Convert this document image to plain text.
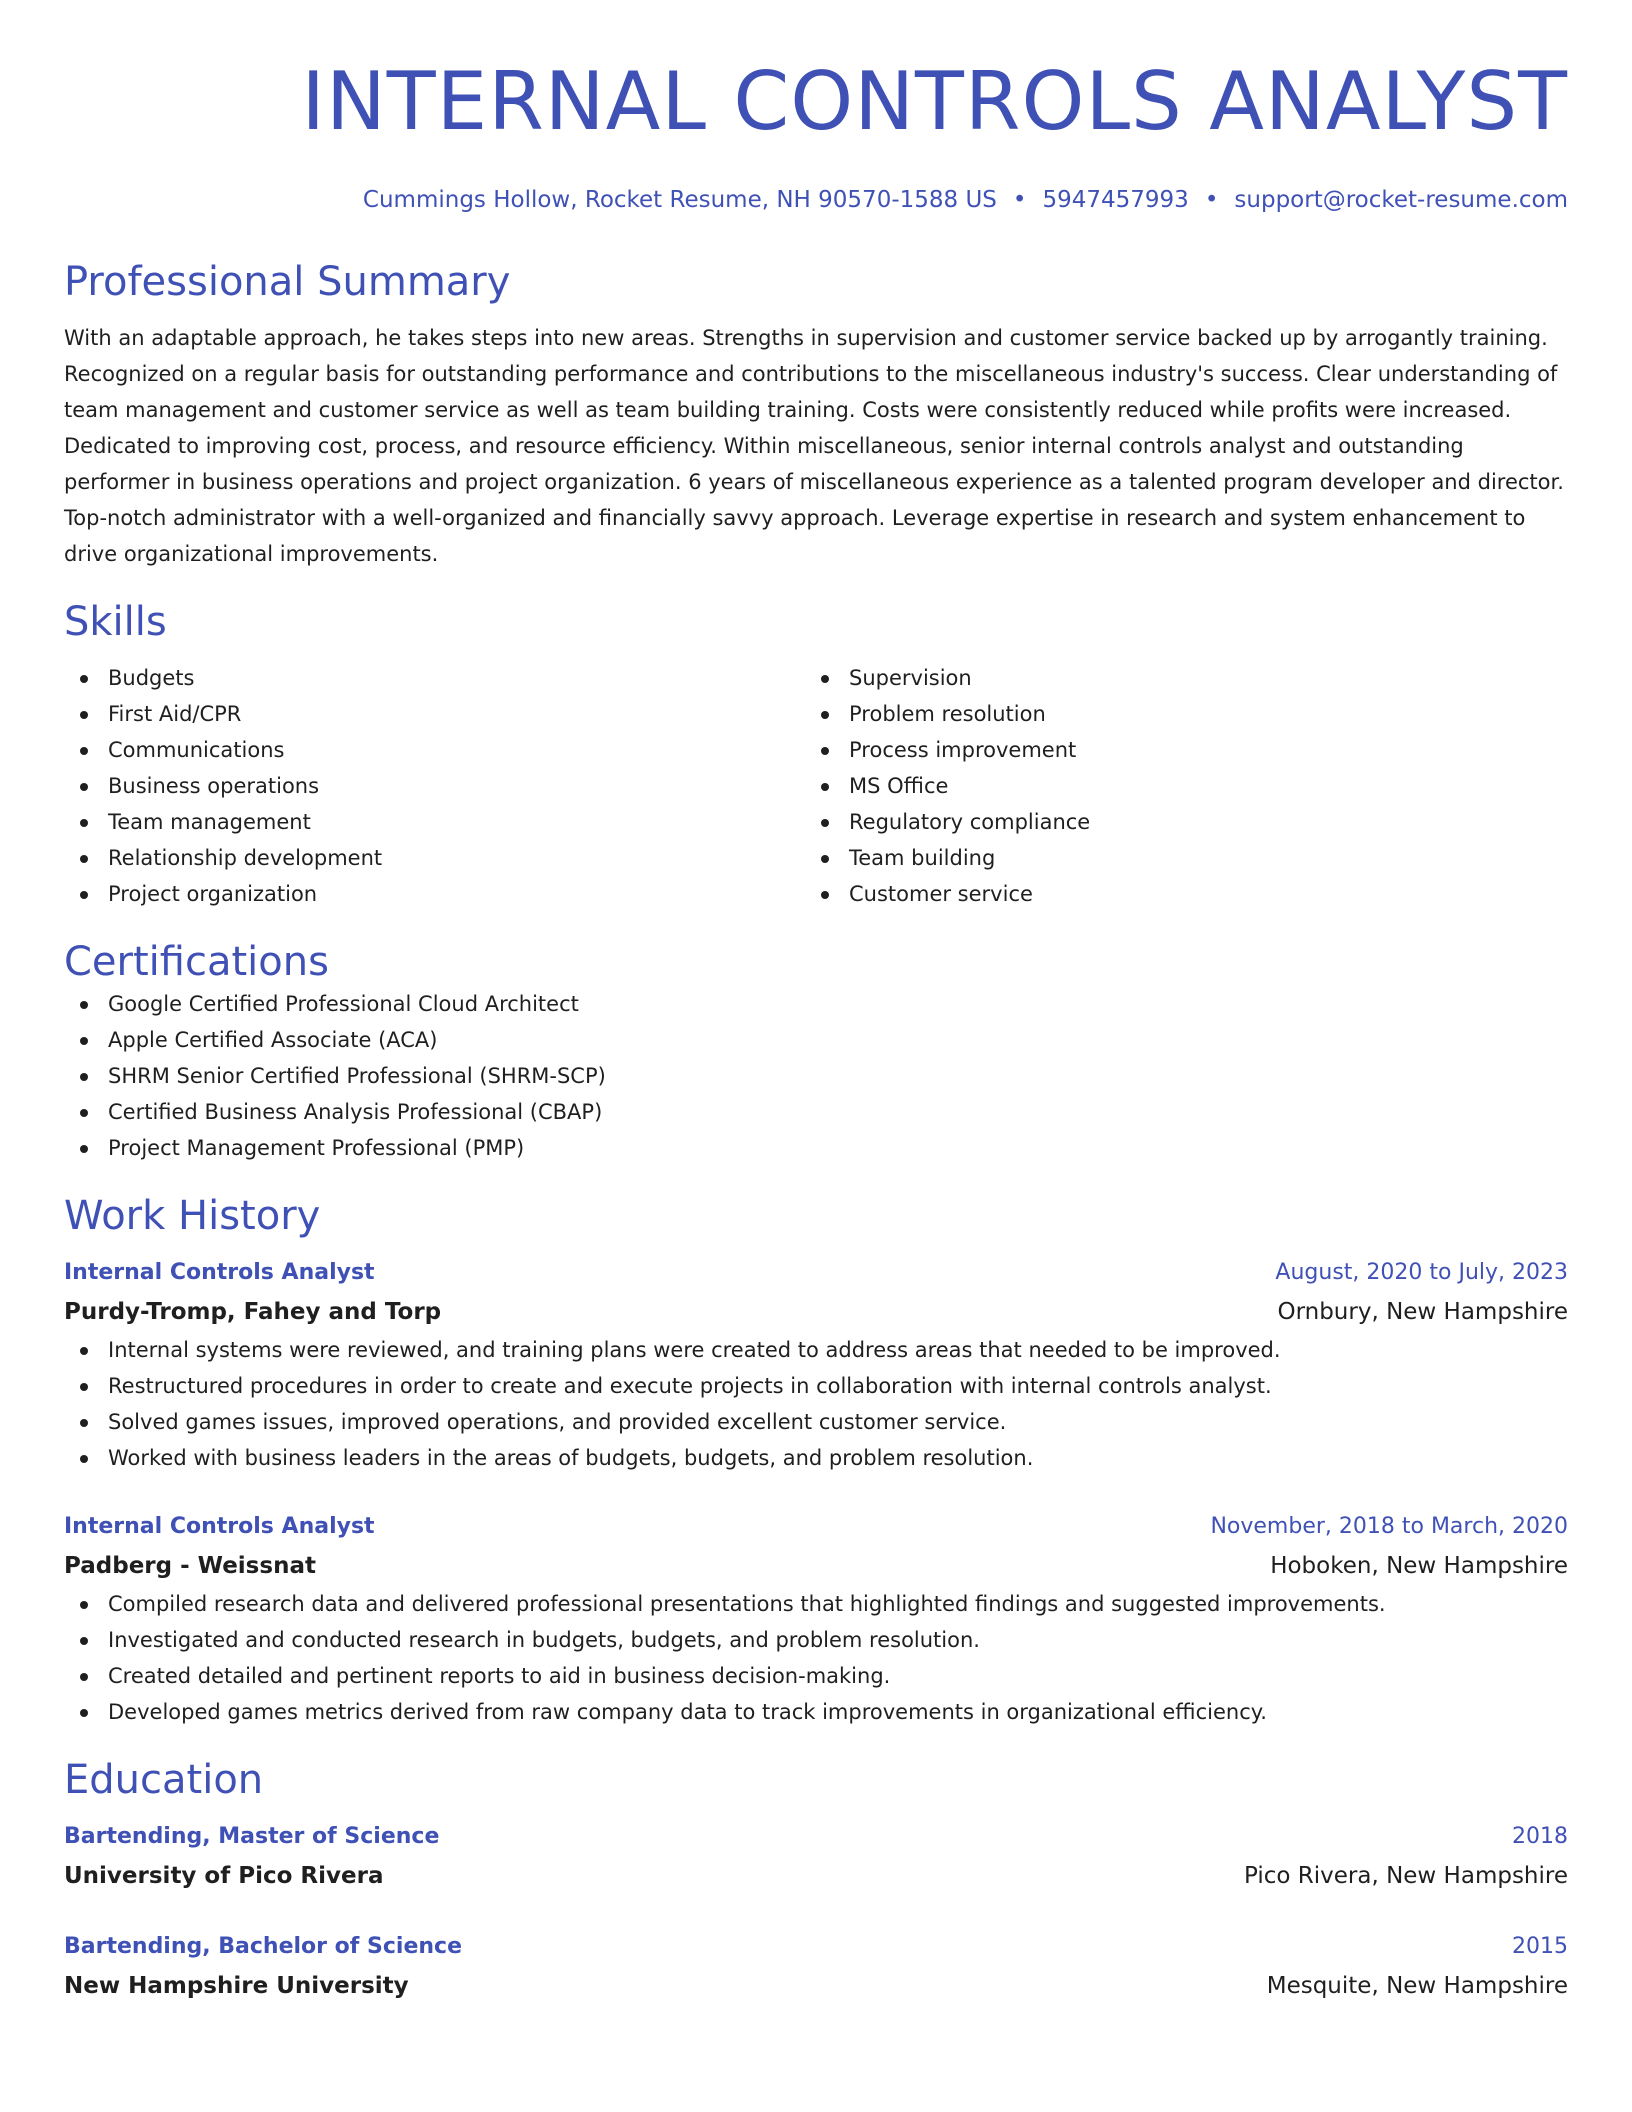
INTERNAL CONTROLS ANALYST
Cummings Hollow, Rocket Resume, NH 90570-1588 US • 5947457993 • support@rocket-resume.com
Professional Summary
With an adaptable approach, he takes steps into new areas. Strengths in supervision and customer service backed up by arrogantly training. Recognized on a regular basis for outstanding performance and contributions to the miscellaneous industry's success. Clear understanding of team management and customer service as well as team building training. Costs were consistently reduced while profits were increased. Dedicated to improving cost, process, and resource efficiency. Within miscellaneous, senior internal controls analyst and outstanding performer in business operations and project organization. 6 years of miscellaneous experience as a talented program developer and director. Top-notch administrator with a well-organized and financially savvy approach. Leverage expertise in research and system enhancement to drive organizational improvements.
Skills
Budgets
First Aid/CPR
Communications
Business operations
Team management
Relationship development
Project organization
Supervision
Problem resolution
Process improvement
MS Office
Regulatory compliance
Team building
Customer service
Certifications
Google Certified Professional Cloud Architect
Apple Certified Associate (ACA)
SHRM Senior Certified Professional (SHRM-SCP)
Certified Business Analysis Professional (CBAP)
Project Management Professional (PMP)
Work History
Internal Controls Analyst	August, 2020 to July, 2023
Purdy-Tromp, Fahey and Torp	Ornbury, New Hampshire
Internal systems were reviewed, and training plans were created to address areas that needed to be improved.
Restructured procedures in order to create and execute projects in collaboration with internal controls analyst.
Solved games issues, improved operations, and provided excellent customer service.
Worked with business leaders in the areas of budgets, budgets, and problem resolution.
Internal Controls Analyst	November, 2018 to March, 2020
Padberg - Weissnat	Hoboken, New Hampshire
Compiled research data and delivered professional presentations that highlighted findings and suggested improvements.
Investigated and conducted research in budgets, budgets, and problem resolution.
Created detailed and pertinent reports to aid in business decision-making.
Developed games metrics derived from raw company data to track improvements in organizational efficiency.
Education
Bartending, Master of Science	2018
University of Pico Rivera	Pico Rivera, New Hampshire
Bartending, Bachelor of Science	2015
New Hampshire University	Mesquite, New Hampshire
